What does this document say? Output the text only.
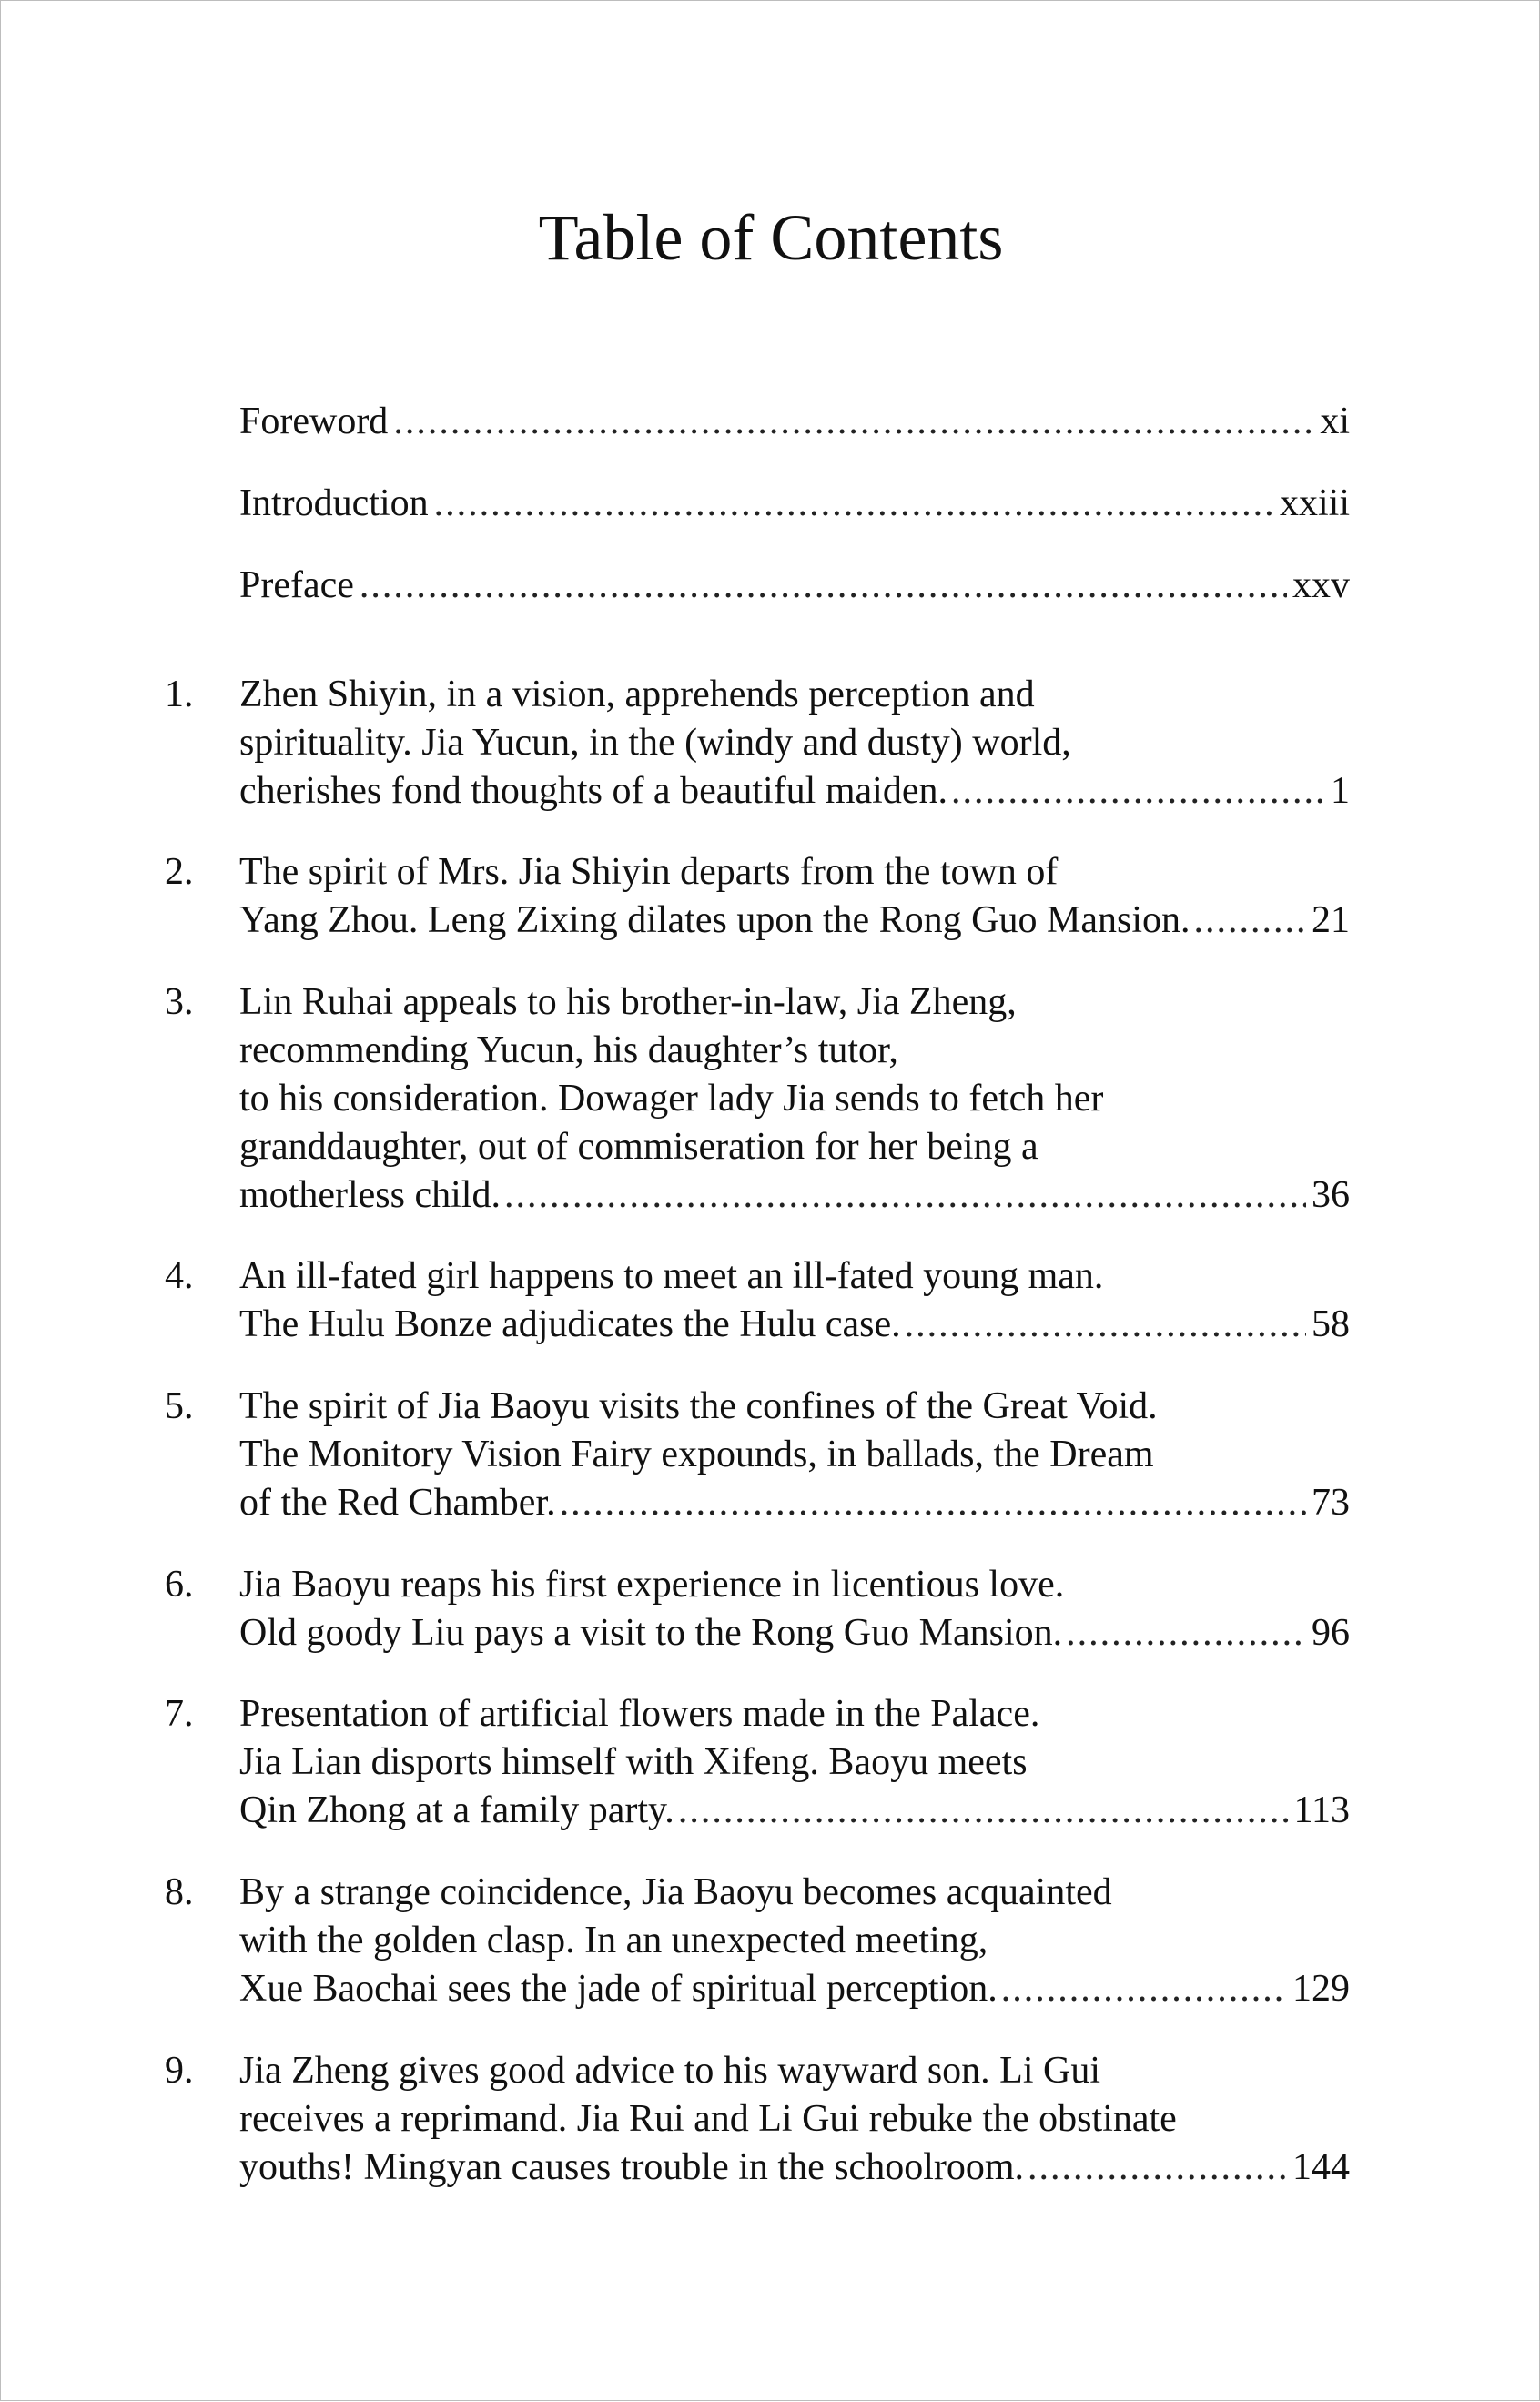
Table of Contents
Foreword .....	xi
Introduction .....	xxiii
Preface .....	xxv
1.	Zhen Shiyin, in a vision, apprehends perception and
spirituality. Jia Yucun, in the (windy and dusty) world,
cherishes fond thoughts of a beautiful maiden. .....	1
2.	The spirit of Mrs. Jia Shiyin departs from the town of
Yang Zhou. Leng Zixing dilates upon the Rong Guo Mansion. .....	21
3.	Lin Ruhai appeals to his brother-in-law, Jia Zheng,
recommending Yucun, his daughter’s tutor,
to his consideration. Dowager lady Jia sends to fetch her
granddaughter, out of commiseration for her being a
motherless child. .....	36
4.	An ill-fated girl happens to meet an ill-fated young man.
The Hulu Bonze adjudicates the Hulu case. .....	58
5.	The spirit of Jia Baoyu visits the confines of the Great Void.
The Monitory Vision Fairy expounds, in ballads, the Dream
of the Red Chamber. .....	73
6.	Jia Baoyu reaps his first experience in licentious love.
Old goody Liu pays a visit to the Rong Guo Mansion. .....	96
7.	Presentation of artificial flowers made in the Palace.
Jia Lian disports himself with Xifeng. Baoyu meets
Qin Zhong at a family party. .....	113
8.	By a strange coincidence, Jia Baoyu becomes acquainted
with the golden clasp. In an unexpected meeting,
Xue Baochai sees the jade of spiritual perception. .....	129
9.	Jia Zheng gives good advice to his wayward son. Li Gui
receives a reprimand. Jia Rui and Li Gui rebuke the obstinate
youths! Mingyan causes trouble in the schoolroom. .....	144
